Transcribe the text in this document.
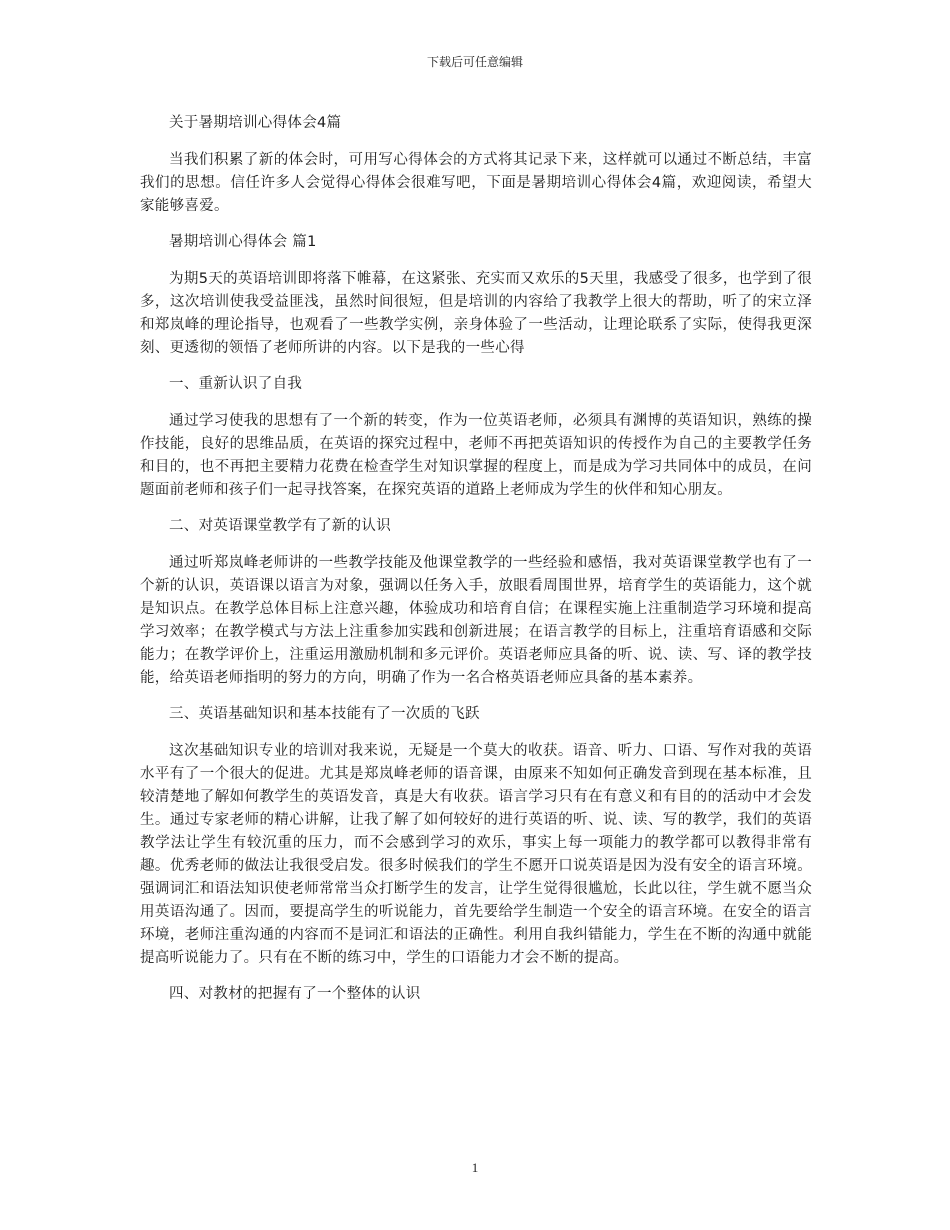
下载后可任意编辑

关于暑期培训心得体会4篇

当我们积累了新的体会时，可用写心得体会的方式将其记录下来，这样就可以通过不断总结，丰富我们的思想。信任许多人会觉得心得体会很难写吧，下面是暑期培训心得体会4篇，欢迎阅读，希望大家能够喜爱。

暑期培训心得体会 篇1

为期5天的英语培训即将落下帷幕，在这紧张、充实而又欢乐的5天里，我感受了很多，也学到了很多，这次培训使我受益匪浅，虽然时间很短，但是培训的内容给了我教学上很大的帮助，听了的宋立泽和郑岚峰的理论指导，也观看了一些教学实例，亲身体验了一些活动，让理论联系了实际，使得我更深刻、更透彻的领悟了老师所讲的内容。以下是我的一些心得

一、重新认识了自我

通过学习使我的思想有了一个新的转变，作为一位英语老师，必须具有渊博的英语知识，熟练的操作技能，良好的思维品质，在英语的探究过程中，老师不再把英语知识的传授作为自己的主要教学任务和目的，也不再把主要精力花费在检查学生对知识掌握的程度上，而是成为学习共同体中的成员，在问题面前老师和孩子们一起寻找答案，在探究英语的道路上老师成为学生的伙伴和知心朋友。

二、对英语课堂教学有了新的认识

通过听郑岚峰老师讲的一些教学技能及他课堂教学的一些经验和感悟，我对英语课堂教学也有了一个新的认识，英语课以语言为对象，强调以任务入手，放眼看周围世界，培育学生的英语能力，这个就是知识点。在教学总体目标上注意兴趣，体验成功和培育自信；在课程实施上注重制造学习环境和提高学习效率；在教学模式与方法上注重参加实践和创新进展；在语言教学的目标上，注重培育语感和交际能力；在教学评价上，注重运用激励机制和多元评价。英语老师应具备的听、说、读、写、译的教学技能，给英语老师指明的努力的方向，明确了作为一名合格英语老师应具备的基本素养。

三、英语基础知识和基本技能有了一次质的飞跃

这次基础知识专业的培训对我来说，无疑是一个莫大的收获。语音、听力、口语、写作对我的英语水平有了一个很大的促进。尤其是郑岚峰老师的语音课，由原来不知如何正确发音到现在基本标准，且较清楚地了解如何教学生的英语发音，真是大有收获。语言学习只有在有意义和有目的的活动中才会发生。通过专家老师的精心讲解，让我了解了如何较好的进行英语的听、说、读、写的教学，我们的英语教学法让学生有较沉重的压力，而不会感到学习的欢乐，事实上每一项能力的教学都可以教得非常有趣。优秀老师的做法让我很受启发。很多时候我们的学生不愿开口说英语是因为没有安全的语言环境。强调词汇和语法知识使老师常常当众打断学生的发言，让学生觉得很尴尬，长此以往，学生就不愿当众用英语沟通了。因而，要提高学生的听说能力，首先要给学生制造一个安全的语言环境。在安全的语言环境，老师注重沟通的内容而不是词汇和语法的正确性。利用自我纠错能力，学生在不断的沟通中就能提高听说能力了。只有在不断的练习中，学生的口语能力才会不断的提高。

四、对教材的把握有了一个整体的认识

1
